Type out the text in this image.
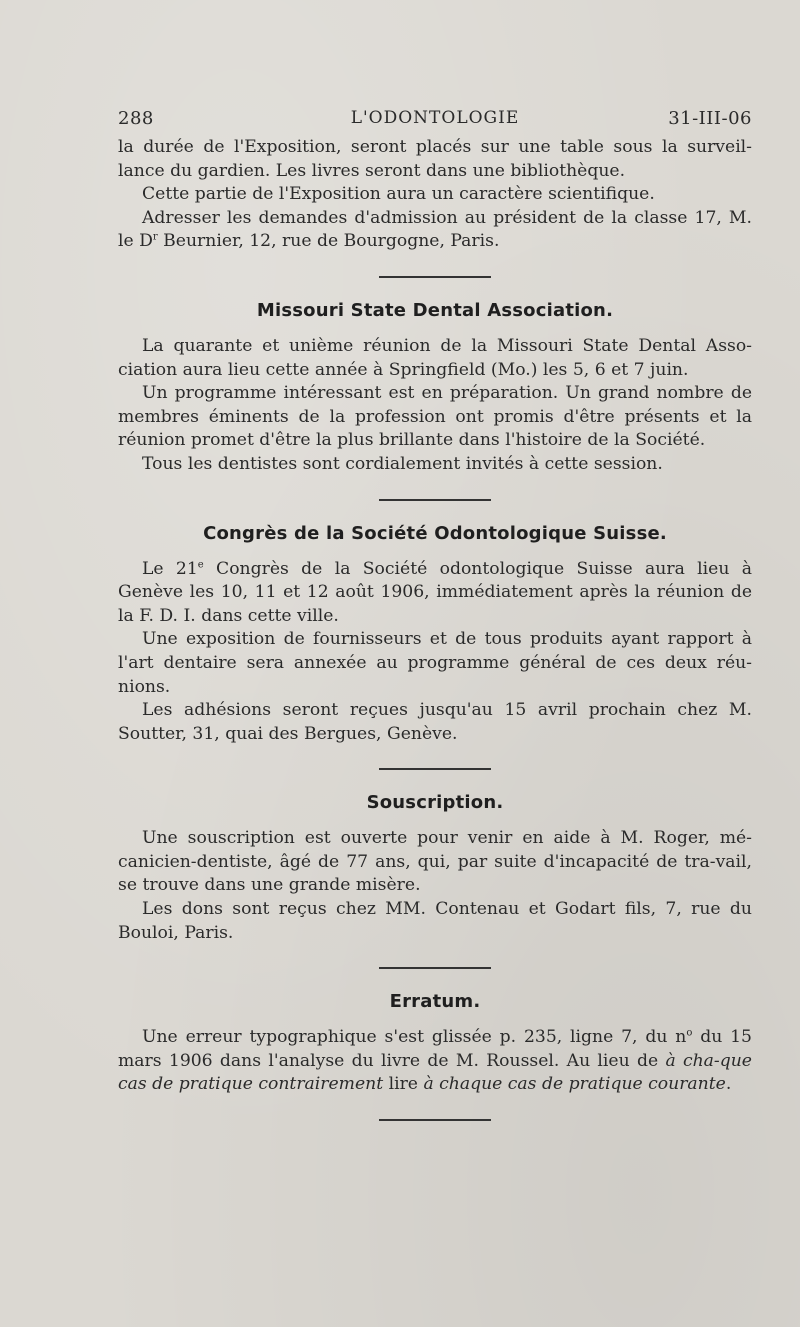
288	L'ODONTOLOGIE	31-III-06

la durée de l'Exposition, seront placés sur une table sous la surveil-lance du gardien. Les livres seront dans une bibliothèque.

Cette partie de l'Exposition aura un caractère scientifique.

Adresser les demandes d'admission au président de la classe 17, M. le $D^r$ Beurnier, 12, rue de Bourgogne, Paris.

Missouri State Dental Association.

La quarante et unième réunion de la Missouri State Dental Asso-ciation aura lieu cette année à Springfield (Mo.) les 5, 6 et 7 juin.

Un programme intéressant est en préparation. Un grand nombre de membres éminents de la profession ont promis d'être présents et la réunion promet d'être la plus brillante dans l'histoire de la Société.

Tous les dentistes sont cordialement invités à cette session.

Congrès de la Société Odontologique Suisse.

Le 21e Congrès de la Société odontologique Suisse aura lieu à Genève les 10, 11 et 12 août 1906, immédiatement après la réunion de la F. D. I. dans cette ville.

Une exposition de fournisseurs et de tous produits ayant rapport à l'art dentaire sera annexée au programme général de ces deux réu-nions.

Les adhésions seront reçues jusqu'au 15 avril prochain chez M. Soutter, 31, quai des Bergues, Genève.

Souscription.

Une souscription est ouverte pour venir en aide à M. Roger, mé-canicien-dentiste, âgé de 77 ans, qui, par suite d'incapacité de tra-vail, se trouve dans une grande misère.

Les dons sont reçus chez MM. Contenau et Godart fils, 7, rue du Bouloi, Paris.

Erratum.

Une erreur typographique s'est glissée p. 235, ligne 7, du $n^o$ du 15 mars 1906 dans l'analyse du livre de M. Roussel. Au lieu de à cha-que cas de pratique contrairement lire à chaque cas de pratique courante.
